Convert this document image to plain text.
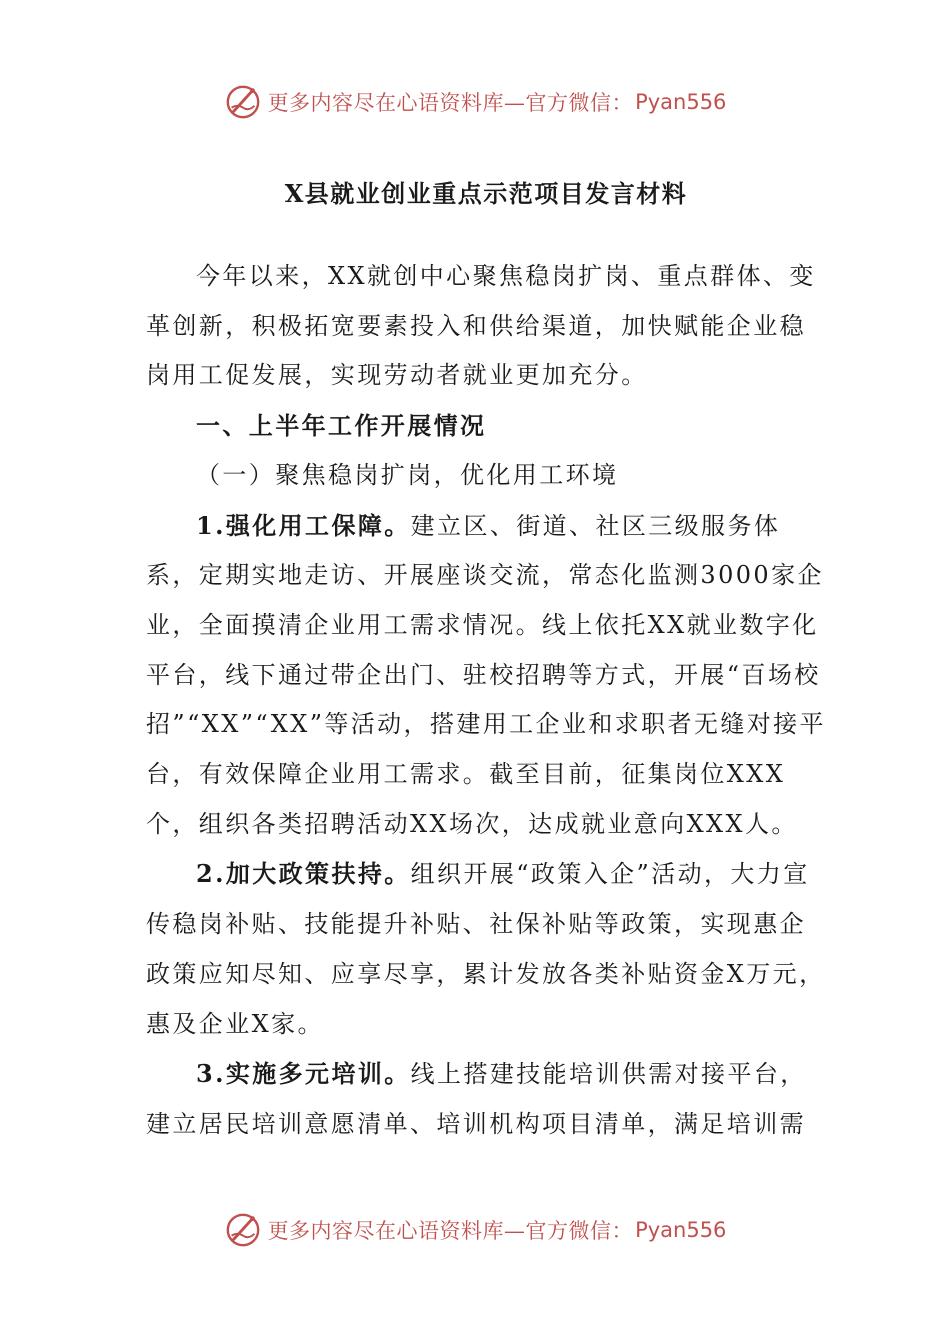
更多内容尽在心语资料库—官方微信： Pyan556
X县就业创业重点示范项目发言材料

今年以来，XX就创中心聚焦稳岗扩岗、重点群体、变革创新，积极拓宽要素投入和供给渠道，加快赋能企业稳岗用工促发展，实现劳动者就业更加充分。

一、上半年工作开展情况

（一）聚焦稳岗扩岗，优化用工环境

1.强化用工保障。建立区、街道、社区三级服务体系，定期实地走访、开展座谈交流，常态化监测3000家企业，全面摸清企业用工需求情况。线上依托XX就业数字化平台，线下通过带企出门、驻校招聘等方式，开展“百场校招”“XX”“XX”等活动，搭建用工企业和求职者无缝对接平台，有效保障企业用工需求。截至目前，征集岗位XXX个，组织各类招聘活动XX场次，达成就业意向XXX人。

2.加大政策扶持。组织开展“政策入企”活动，大力宣传稳岗补贴、技能提升补贴、社保补贴等政策，实现惠企政策应知尽知、应享尽享，累计发放各类补贴资金X万元，惠及企业X家。

3.实施多元培训。线上搭建技能培训供需对接平台，建立居民培训意愿清单、培训机构项目清单，满足培训需

更多内容尽在心语资料库—官方微信： Pyan556
